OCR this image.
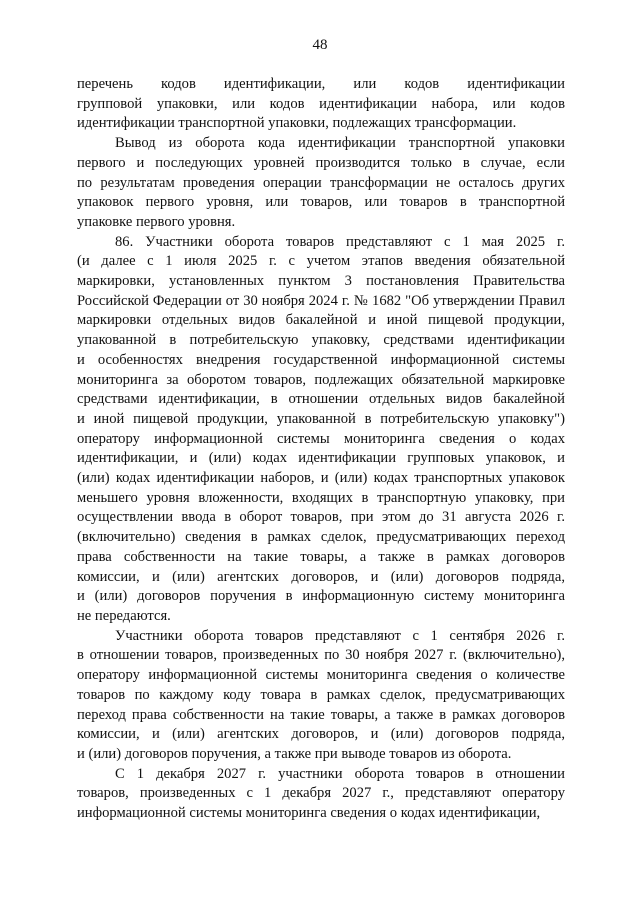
48
перечень кодов идентификации, или кодов идентификации
групповой упаковки, или кодов идентификации набора, или кодов
идентификации транспортной упаковки, подлежащих трансформации.
Вывод из оборота кода идентификации транспортной упаковки
первого и последующих уровней производится только в случае, если
по результатам проведения операции трансформации не осталось других
упаковок первого уровня, или товаров, или товаров в транспортной
упаковке первого уровня.
86. Участники оборота товаров представляют с 1 мая 2025 г.
(и далее с 1 июля 2025 г. с учетом этапов введения обязательной
маркировки, установленных пунктом 3 постановления Правительства
Российской Федерации от 30 ноября 2024 г. № 1682 "Об утверждении Правил
маркировки отдельных видов бакалейной и иной пищевой продукции,
упакованной в потребительскую упаковку, средствами идентификации
и особенностях внедрения государственной информационной системы
мониторинга за оборотом товаров, подлежащих обязательной маркировке
средствами идентификации, в отношении отдельных видов бакалейной
и иной пищевой продукции, упакованной в потребительскую упаковку")
оператору информационной системы мониторинга сведения о кодах
идентификации, и (или) кодах идентификации групповых упаковок, и
(или) кодах идентификации наборов, и (или) кодах транспортных упаковок
меньшего уровня вложенности, входящих в транспортную упаковку, при
осуществлении ввода в оборот товаров, при этом до 31 августа 2026 г.
(включительно) сведения в рамках сделок, предусматривающих переход
права собственности на такие товары, а также в рамках договоров
комиссии, и (или) агентских договоров, и (или) договоров подряда,
и (или) договоров поручения в информационную систему мониторинга
не передаются.
Участники оборота товаров представляют с 1 сентября 2026 г.
в отношении товаров, произведенных по 30 ноября 2027 г. (включительно),
оператору информационной системы мониторинга сведения о количестве
товаров по каждому коду товара в рамках сделок, предусматривающих
переход права собственности на такие товары, а также в рамках договоров
комиссии, и (или) агентских договоров, и (или) договоров подряда,
и (или) договоров поручения, а также при выводе товаров из оборота.
С 1 декабря 2027 г. участники оборота товаров в отношении
товаров, произведенных с 1 декабря 2027 г., представляют оператору
информационной системы мониторинга сведения о кодах идентификации,
